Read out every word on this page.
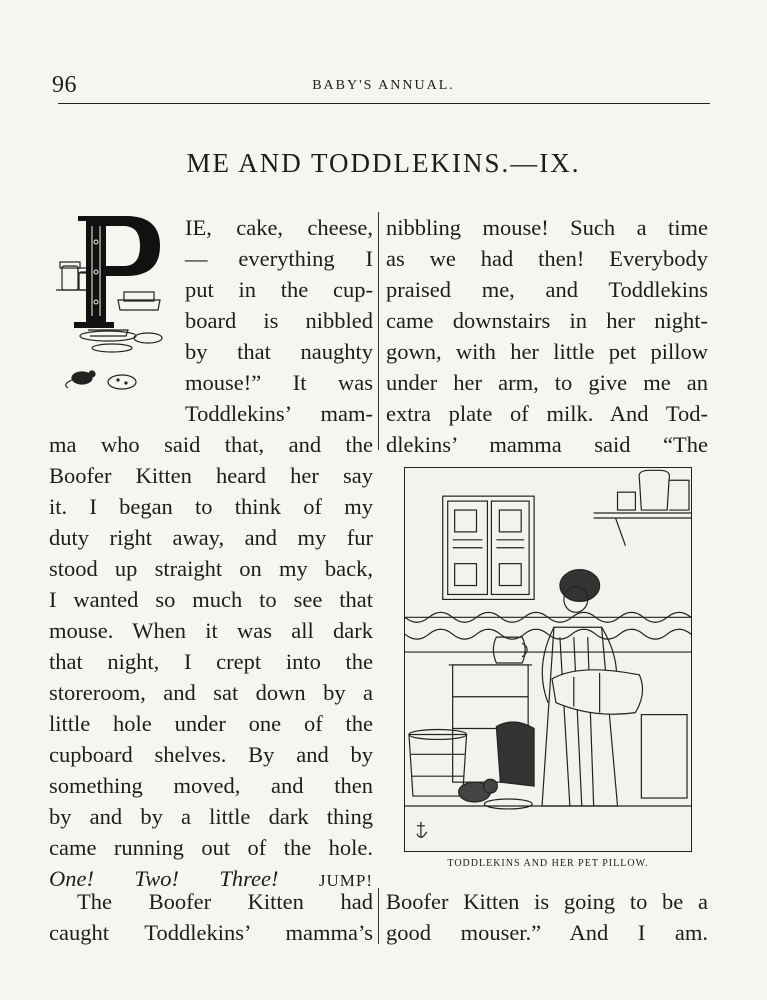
96	BABY'S ANNUAL.
ME AND TODDLEKINS.—IX.
IE, cake, cheese,
— everything I
put in the cup-
board is nibbled
by that naughty
mouse!” It was
Toddlekins’ mam-
ma who said that, and the
Boofer Kitten heard her say
it. I began to think of my
duty right away, and my fur
stood up straight on my back,
I wanted so much to see that
mouse. When it was all dark
that night, I crept into the
storeroom, and sat down by a
little hole under one of the
cupboard shelves. By and by
something moved, and then
by and by a little dark thing
came running out of the hole.
One! Two! Three! JUMP!
The Boofer Kitten had
caught Toddlekins’ mamma’s
nibbling mouse! Such a time
as we had then! Everybody
praised me, and Toddlekins
came downstairs in her night-
gown, with her little pet pillow
under her arm, to give me an
extra plate of milk. And Tod-
dlekins’ mamma said “The
TODDLEKINS AND HER PET PILLOW.
Boofer Kitten is going to be a
good mouser.” And I am.
